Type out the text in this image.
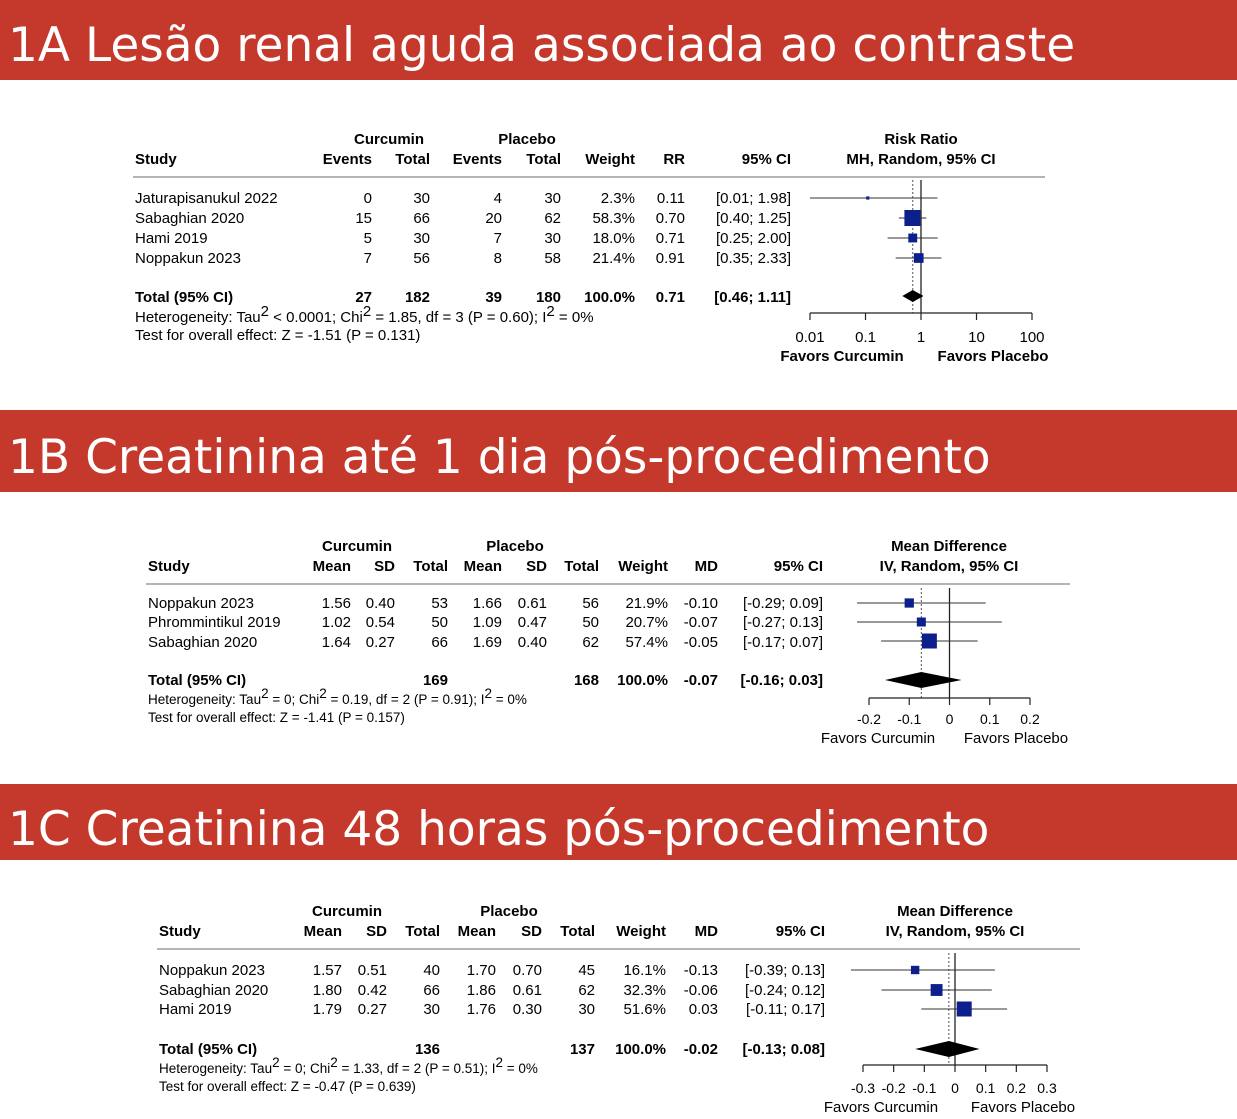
1A Lesão renal aguda associada ao contraste
1B Creatinina até 1 dia pós-procedimento
1C Creatinina 48 horas pós-procedimento
Curcumin	Placebo
Study	Events Total Events Total Weight RR	95% CI
Risk Ratio
MH, Random, 95% CI
Jaturapisanukul 2022	0	30	4	30	2.3% 0.11 [0.01; 1.98]
Sabaghian 2020	15	66	20	62 58.3% 0.70 [0.40; 1.25]
Hami 2019	5	30	7	30 18.0% 0.71 [0.25; 2.00]
Noppakun 2023	7	56	8	58 21.4% 0.91 [0.35; 2.33]
Total (95% CI)	27 182	39 180 100.0% 0.71 [0.46; 1.11]
Heterogeneity: Tau2 < 0.0001; Chi2 = 1.85, df = 3 (P = 0.60); I2 = 0%
Test for overall effect: Z = -1.51 (P = 0.131)	0.01 0.1	1	10 100
Favors Curcumin Favors Placebo
Curcumin	Placebo
Study	Mean SD Total Mean SD Total Weight MD	95% CI
Mean Difference
IV, Random, 95% CI
Noppakun 2023	1.56 0.40 53 1.66 0.61 56 21.9% -0.10 [-0.29; 0.09]
Phrommintikul 2019	1.02 0.54 50 1.09 0.47 50 20.7% -0.07 [-0.27; 0.13]
Sabaghian 2020	1.64 0.27 66 1.69 0.40 62 57.4% -0.05 [-0.17; 0.07]
Total (95% CI)	169	168 100.0% -0.07 [-0.16; 0.03]
Heterogeneity: Tau2 = 0; Chi2 = 0.19, df = 2 (P = 0.91); I2 = 0%
Test for overall effect: Z = -1.41 (P = 0.157)	-0.2 -0.1 0 0.1 0.2
Favors Curcumin Favors Placebo
Curcumin	Placebo
Study	Mean SD Total Mean SD Total Weight MD	95% CI
Mean Difference
IV, Random, 95% CI
Noppakun 2023	1.57 0.51 40 1.70 0.70 45 16.1% -0.13 [-0.39; 0.13]
Sabaghian 2020	1.80 0.42 66 1.86 0.61 62 32.3% -0.06 [-0.24; 0.12]
Hami 2019	1.79 0.27 30 1.76 0.30 30 51.6% 0.03 [-0.11; 0.17]
Total (95% CI)	136	137 100.0% -0.02 [-0.13; 0.08]
Heterogeneity: Tau2 = 0; Chi2 = 1.33, df = 2 (P = 0.51); I2 = 0%
Test for overall effect: Z = -0.47 (P = 0.639)	-0.3 -0.2 -0.1 0 0.1 0.2 0.3
Favors Curcumin Favors Placebo
